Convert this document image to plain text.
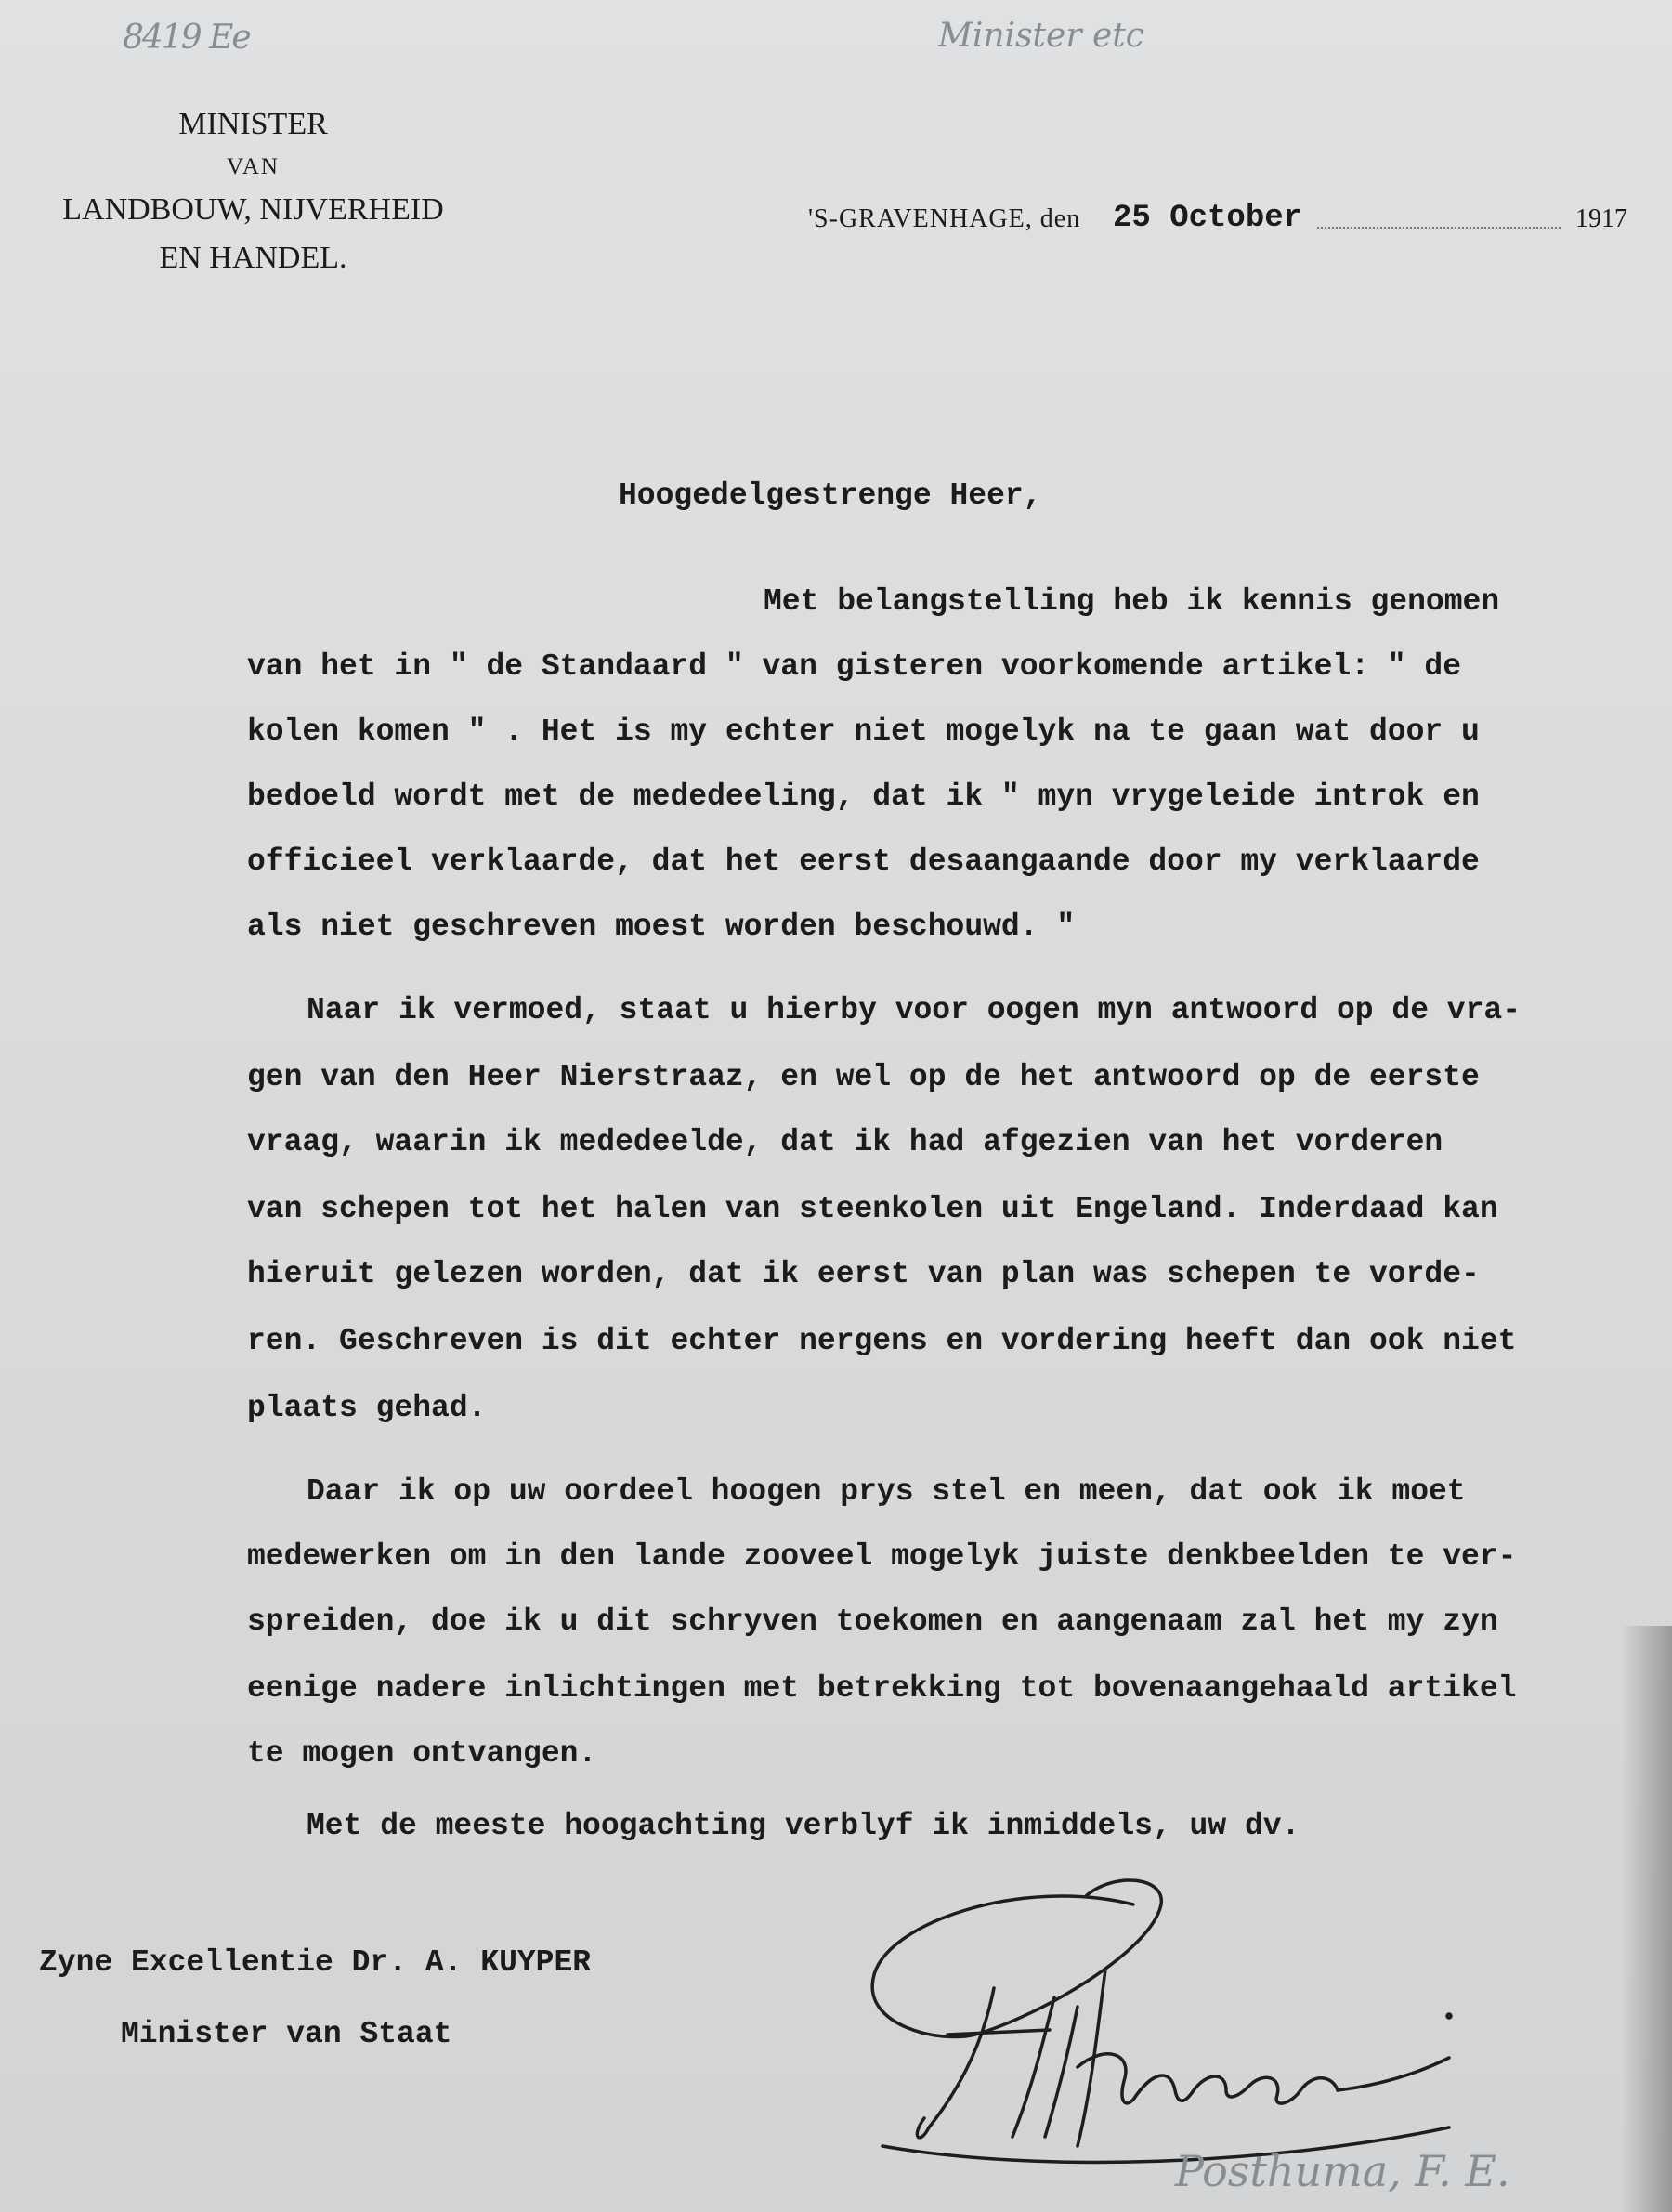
8419 Ee	Minister etc
MINISTER
VAN
LANDBOUW, NIJVERHEID
EN HANDEL.
'S-GRAVENHAGE, den 25 October	1917
Hoogedelgestrenge Heer,
Met belangstelling heb ik kennis genomen
van het in " de Standaard " van gisteren voorkomende artikel: " de
kolen komen " . Het is my echter niet mogelyk na te gaan wat door u
bedoeld wordt met de mededeeling, dat ik " myn vrygeleide introk en
officieel verklaarde, dat het eerst desaangaande door my verklaarde
als niet geschreven moest worden beschouwd. "
Naar ik vermoed, staat u hierby voor oogen myn antwoord op de vra-
gen van den Heer Nierstraaz, en wel op de het antwoord op de eerste
vraag, waarin ik mededeelde, dat ik had afgezien van het vorderen
van schepen tot het halen van steenkolen uit Engeland. Inderdaad kan
hieruit gelezen worden, dat ik eerst van plan was schepen te vorde-
ren. Geschreven is dit echter nergens en vordering heeft dan ook niet
plaats gehad.
Daar ik op uw oordeel hoogen prys stel en meen, dat ook ik moet
medewerken om in den lande zooveel mogelyk juiste denkbeelden te ver-
spreiden, doe ik u dit schryven toekomen en aangenaam zal het my zyn
eenige nadere inlichtingen met betrekking tot bovenaangehaald artikel
te mogen ontvangen.
Met de meeste hoogachting verblyf ik inmiddels, uw dv.
Zyne Excellentie Dr. A. KUYPER
Minister van Staat
Posthuma, F. E.
